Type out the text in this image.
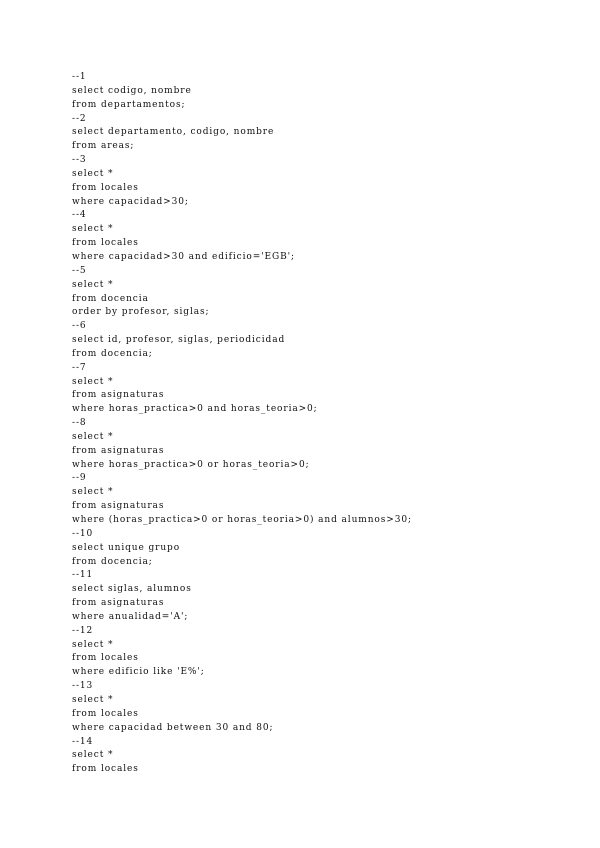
--1
select codigo, nombre
from departamentos;
--2
select departamento, codigo, nombre
from areas;
--3
select *
from locales
where capacidad>30;
--4
select *
from locales
where capacidad>30 and edificio='EGB';
--5
select *
from docencia
order by profesor, siglas;
--6
select id, profesor, siglas, periodicidad
from docencia;
--7
select *
from asignaturas
where horas_practica>0 and horas_teoria>0;
--8
select *
from asignaturas
where horas_practica>0 or horas_teoria>0;
--9
select *
from asignaturas
where (horas_practica>0 or horas_teoria>0) and alumnos>30;
--10
select unique grupo
from docencia;
--11
select siglas, alumnos
from asignaturas
where anualidad='A';
--12
select *
from locales
where edificio like 'E%';
--13
select *
from locales
where capacidad between 30 and 80;
--14
select *
from locales
